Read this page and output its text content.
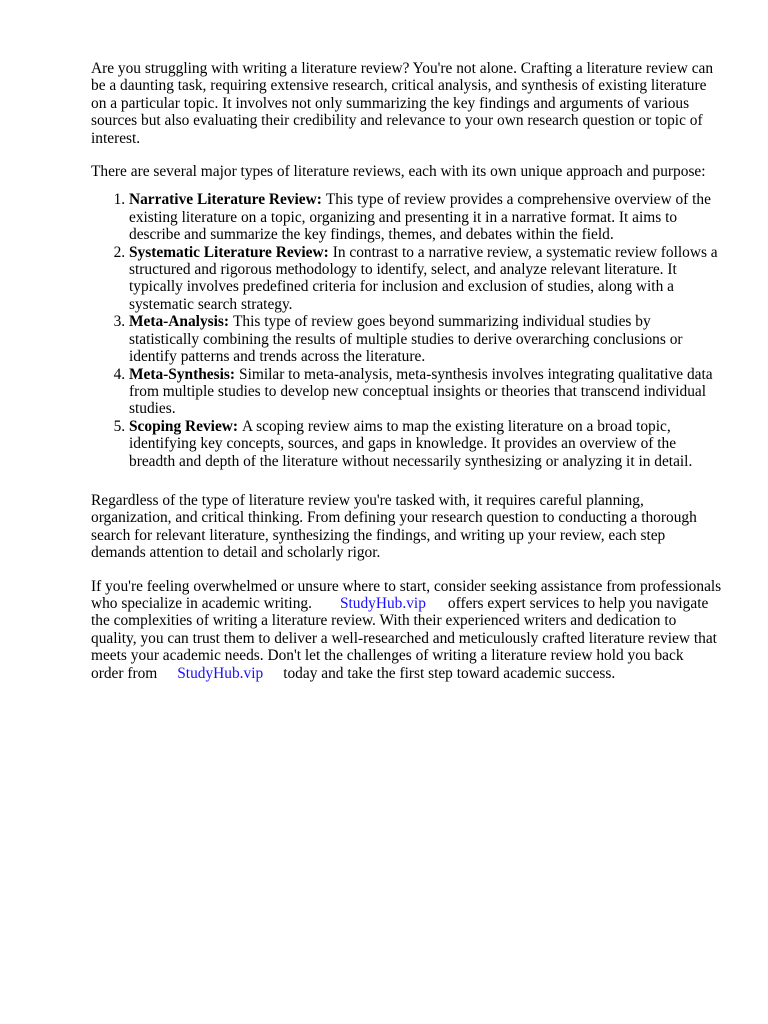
Are you struggling with writing a literature review? You're not alone. Crafting a literature review can be a daunting task, requiring extensive research, critical analysis, and synthesis of existing literature on a particular topic. It involves not only summarizing the key findings and arguments of various sources but also evaluating their credibility and relevance to your own research question or topic of interest.

There are several major types of literature reviews, each with its own unique approach and purpose:

1. Narrative Literature Review: This type of review provides a comprehensive overview of the existing literature on a topic, organizing and presenting it in a narrative format. It aims to describe and summarize the key findings, themes, and debates within the field.
2. Systematic Literature Review: In contrast to a narrative review, a systematic review follows a structured and rigorous methodology to identify, select, and analyze relevant literature. It typically involves predefined criteria for inclusion and exclusion of studies, along with a systematic search strategy.
3. Meta-Analysis: This type of review goes beyond summarizing individual studies by statistically combining the results of multiple studies to derive overarching conclusions or identify patterns and trends across the literature.
4. Meta-Synthesis: Similar to meta-analysis, meta-synthesis involves integrating qualitative data from multiple studies to develop new conceptual insights or theories that transcend individual studies.
5. Scoping Review: A scoping review aims to map the existing literature on a broad topic, identifying key concepts, sources, and gaps in knowledge. It provides an overview of the breadth and depth of the literature without necessarily synthesizing or analyzing it in detail.

Regardless of the type of literature review you're tasked with, it requires careful planning, organization, and critical thinking. From defining your research question to conducting a thorough search for relevant literature, synthesizing the findings, and writing up your review, each step demands attention to detail and scholarly rigor.

If you're feeling overwhelmed or unsure where to start, consider seeking assistance from professionals who specialize in academic writing. StudyHub.vip offers expert services to help you navigate the complexities of writing a literature review. With their experienced writers and dedication to quality, you can trust them to deliver a well-researched and meticulously crafted literature review that meets your academic needs. Don't let the challenges of writing a literature review hold you backorder from StudyHub.vip today and take the first step toward academic success.
